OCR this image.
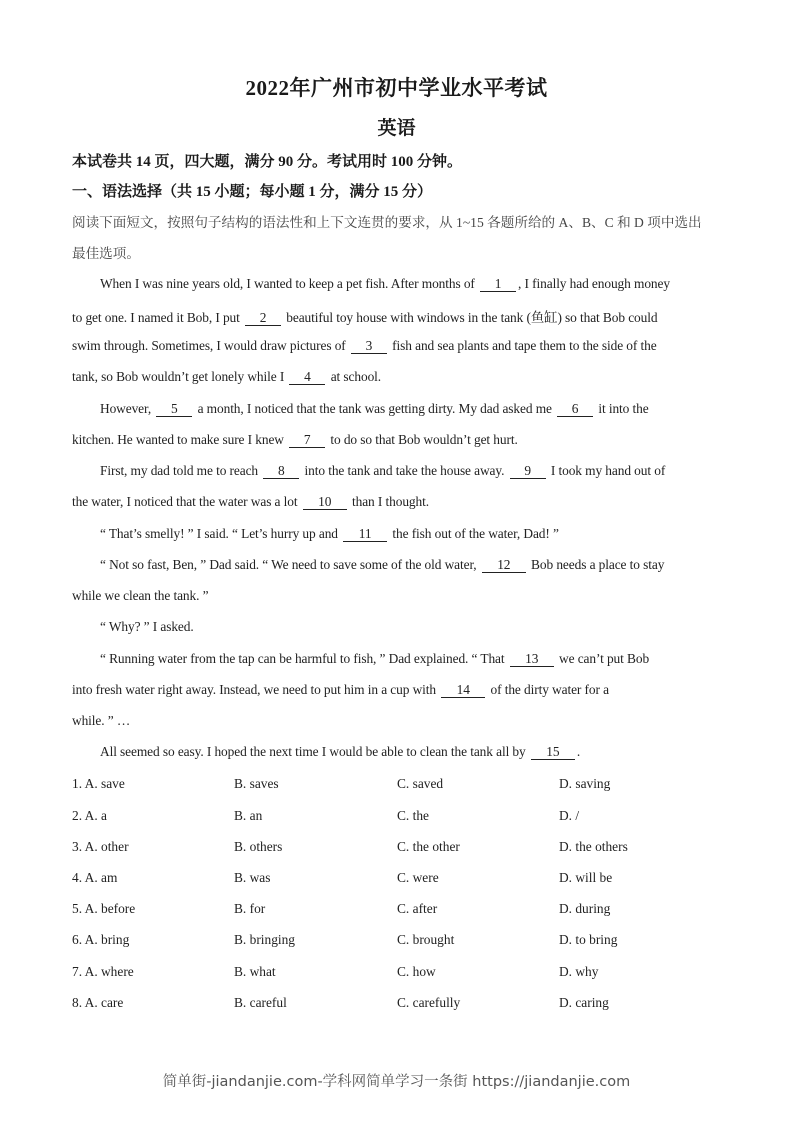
2022年广州市初中学业水平考试
英语
本试卷共 14 页，四大题，满分 90 分。考试用时 100 分钟。
一、语法选择（共 15 小题；每小题 1 分，满分 15 分）
阅读下面短文，按照句子结构的语法性和上下文连贯的要求，从 1~15 各题所给的 A、B、C 和 D 项中选出
最佳选项。
When I was nine years old, I wanted to keep a pet fish. After months of 1 , I finally had enough money
to get one. I named it Bob, I put 2 beautiful toy house with windows in the tank (鱼缸) so that Bob could
swim through. Sometimes, I would draw pictures of 3 fish and sea plants and tape them to the side of the
tank, so Bob wouldn’t get lonely while I 4 at school.
However, 5 a month, I noticed that the tank was getting dirty. My dad asked me 6 it into the
kitchen. He wanted to make sure I knew 7 to do so that Bob wouldn’t get hurt.
First, my dad told me to reach 8 into the tank and take the house away. 9 I took my hand out of
the water, I noticed that the water was a lot 10 than I thought.
“ That’s smelly! ” I said. “ Let’s hurry up and 11 the fish out of the water, Dad! ”
“ Not so fast, Ben, ” Dad said. “ We need to save some of the old water, 12 Bob needs a place to stay
while we clean the tank. ”
“ Why? ” I asked.
“ Running water from the tap can be harmful to fish, ” Dad explained. “ That 13 we can’t put Bob
into fresh water right away. Instead, we need to put him in a cup with 14 of the dirty water for a
while. ” …
All seemed so easy. I hoped the next time I would be able to clean the tank all by 15 .
1. A. save	B. saves	C. saved	D. saving
2. A. a	B. an	C. the	D. /
3. A. other	B. others	C. the other	D. the others
4. A. am	B. was	C. were	D. will be
5. A. before	B. for	C. after	D. during
6. A. bring	B. bringing	C. brought	D. to bring
7. A. where	B. what	C. how	D. why
8. A. care	B. careful	C. carefully	D. caring
简单街-jiandanjie.com-学科网简单学习一条街 https://jiandanjie.com
